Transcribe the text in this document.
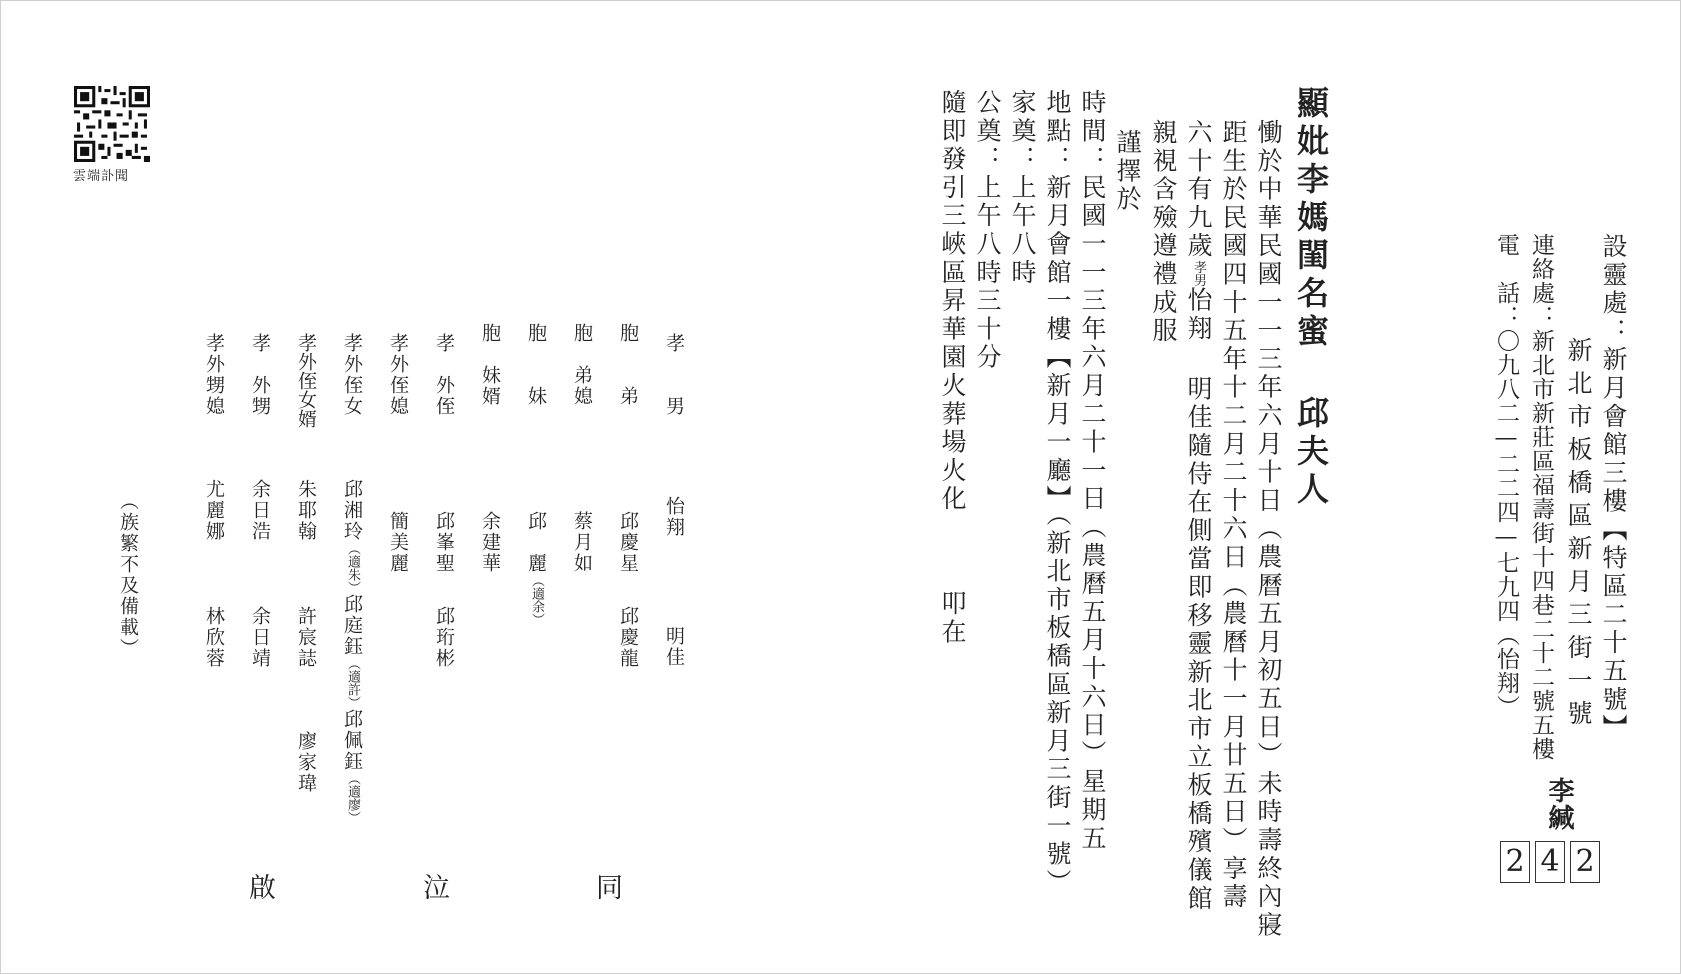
雲端訃聞	顯妣李媽閨名蜜 邱夫人
慟於中華民國一一三年六月十日（農曆五月初五日）未時壽終內寢
距生於民國四十五年十二月二十六日（農曆十一月廿五日）享壽
六十有九歲孝男怡翔 明佳隨侍在側當即移靈新北市立板橋殯儀館
親視含殮遵禮成服
謹擇於
時間：民國一一三年六月二十一日（農曆五月十六日）星期五
地點：新月會館一樓【新月一廳】（新北市板橋區新月三街一號）
家奠：上午八時
公奠：上午八時三十分
隨即發引三峽區昇華園火葬場火化
叩在
設靈處：新月會館三樓【特區二十五號】
新北市板橋區新月三街一號
連絡處：新北市新莊區福壽街十四巷二十二號五樓
電　話：〇九八二—二二四—七九四（怡翔）
李緘
2 4 2
孝　　男
怡翔
明佳
胞　　弟
邱慶星
邱慶龍
胞　弟媳
蔡月如
胞　　妹
邱　麗（適余）
胞　妹婿
余建華
孝　外侄
邱峯聖
邱珩彬
孝外侄媳
簡美麗
孝外侄女
邱湘玲（適朱）邱庭鈺（適許）邱佩鈺（適廖）
孝外侄女婿
朱耶翰
許宸誌
廖家瑋
孝　外甥
余日浩
余日靖
孝外甥媳
尤麗娜
林欣蓉
（族繁不及備載）
啟	泣	同
